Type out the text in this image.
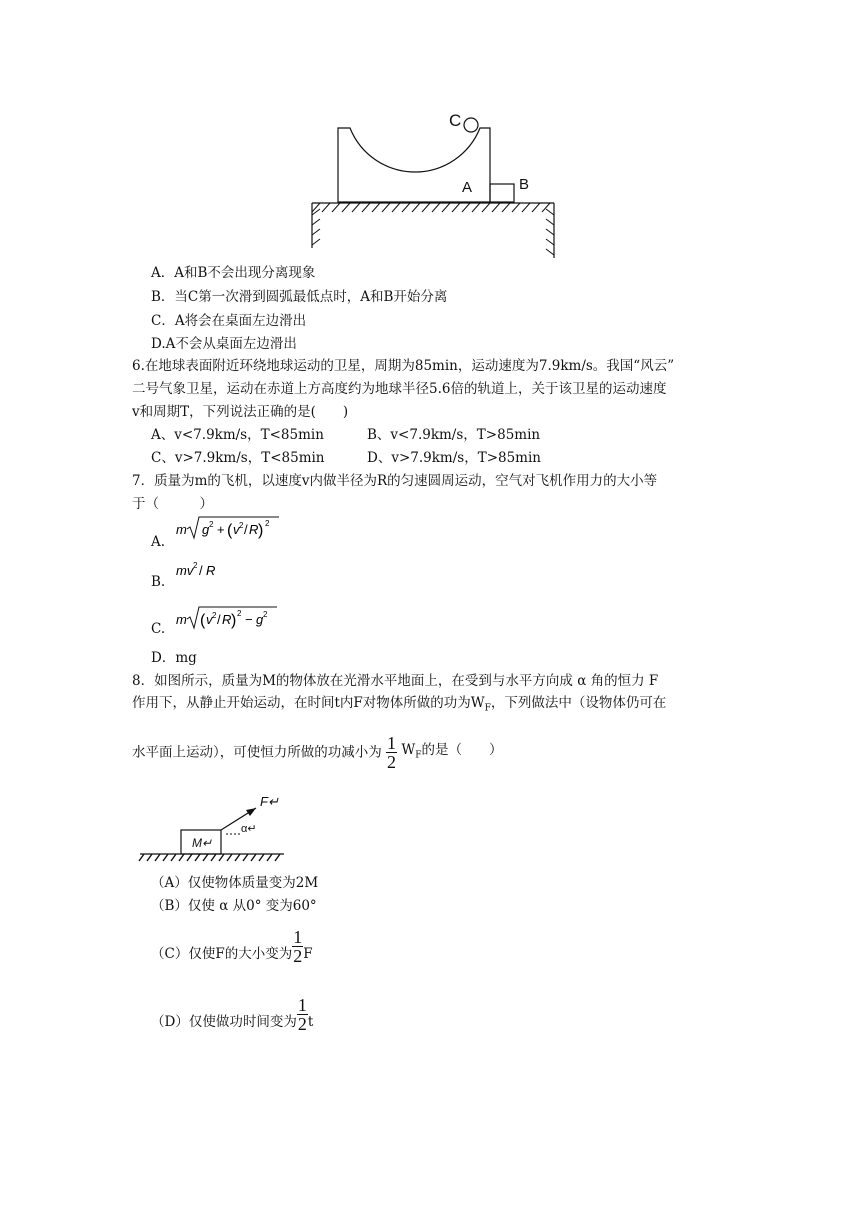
C
A	B
A．A和B不会出现分离现象
B．当C第一次滑到圆弧最低点时，A和B开始分离
C．A将会在桌面左边滑出
D.A不会从桌面左边滑出
6.在地球表面附近环绕地球运动的卫星，周期为85min，运动速度为7.9km/s。我国“风云”
二号气象卫星，运动在赤道上方高度约为地球半径5.6倍的轨道上，关于该卫星的运动速度
v和周期T，下列说法正确的是(　　)
A、v<7.9km/s，T<85min	B、v<7.9km/s，T>85min
C、v>7.9km/s，T<85min	D、v>7.9km/s，T>85min
7．质量为m的飞机，以速度v内做半径为R的匀速圆周运动，空气对飞机作用力的大小等
于（　　　）
A.
m g 2 + ( v 2 / R ) 2
B.
mv 2 / R
C.
m ( v 2 / R ) 2 − g 2
D．mg
8．如图所示，质量为M的物体放在光滑水平地面上，在受到与水平方向成 α 角的恒力 F
作用下，从静止开始运动，在时间t内F对物体所做的功为$W_F$，下列做法中（设物体仍可在
水平面上运动），可使恒力所做的功减小为 $\frac{1}{2} W_F$的是（　　）
F↵
α↵
M↵
（A）仅使物体质量变为2M
（B）仅使 α 从0° 变为60°
（C）仅使F的大小变为 $\frac{1}{2}$ F
（D）仅使做功时间变为 $\frac{1}{2}$ t
